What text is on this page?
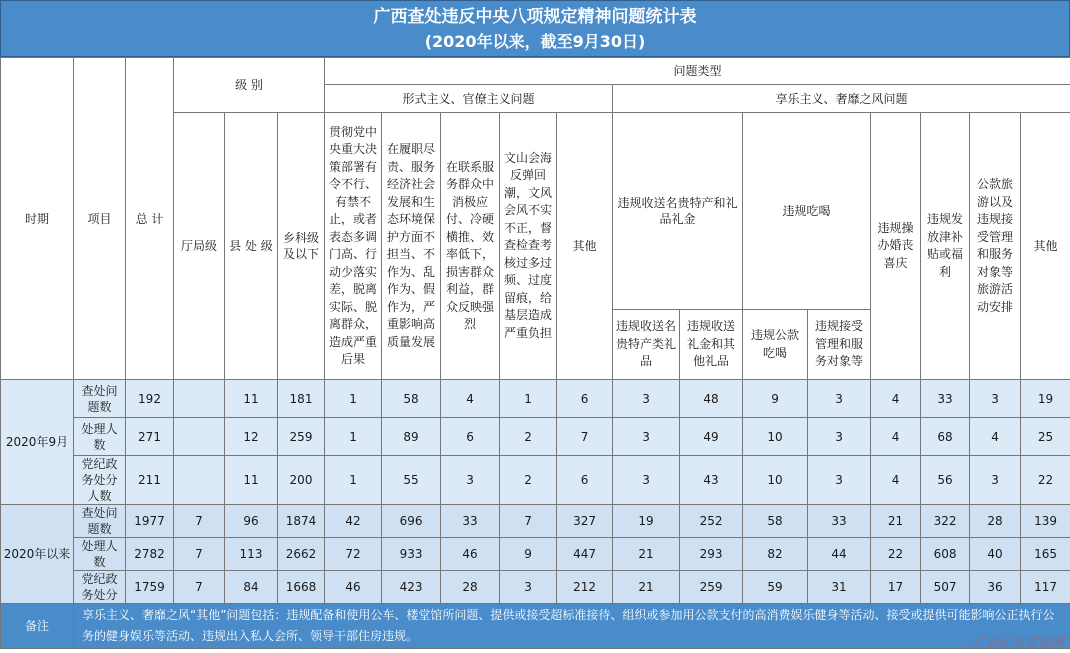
广西查处违反中央八项规定精神问题统计表
(2020年以来，截至9月30日)
时期	项目	总 计	级 别			问题类型												
						形式主义、官僚主义问题					享乐主义、奢靡之风问题							
			厅局级	县 处 级	乡科级及以下	贯彻党中央重大决策部署有令不行、有禁不止，或者表态多调门高、行动少落实差，脱离实际、脱离群众，造成严重后果	在履职尽责、服务经济社会发展和生态环境保护方面不担当、不作为、乱作为、假作为，严重影响高质量发展	在联系服务群众中消极应付、冷硬横推、效率低下，损害群众利益，群众反映强烈	文山会海反弹回潮，文风会风不实不正，督查检查考核过多过频、过度留痕，给基层造成严重负担	其他	违规收送名贵特产和礼品礼金		违规吃喝		违规操办婚丧喜庆	违规发放津补贴或福利	公款旅游以及违规接受管理和服务对象等旅游活动安排	其他
											违规收送名贵特产类礼品	违规收送礼金和其他礼品	违规公款吃喝	违规接受管理和服务对象等				
2020年9月	查处问题数	192		11	181	1	58	4	1	6	3	48	9	3	4	33	3	19
	处理人数	271		12	259	1	89	6	2	7	3	49	10	3	4	68	4	25
	党纪政务处分人数	211		11	200	1	55	3	2	6	3	43	10	3	4	56	3	22
2020年以来	查处问题数	1977	7	96	1874	42	696	33	7	327	19	252	58	33	21	322	28	139
	处理人数	2782	7	113	2662	72	933	46	9	447	21	293	82	44	22	608	40	165
	党纪政务处分	1759	7	84	1668	46	423	28	3	212	21	259	59	31	17	507	36	117
备注	享乐主义、奢靡之风“其他”问题包括：违规配备和使用公车、楼堂馆所问题、提供或接受超标准接待、组织或参加用公款支付的高消费娱乐健身等活动、接受或提供可能影响公正执行公务的健身娱乐等活动、违规出入私人会所、领导干部住房违规。																		广西纪检监察网
